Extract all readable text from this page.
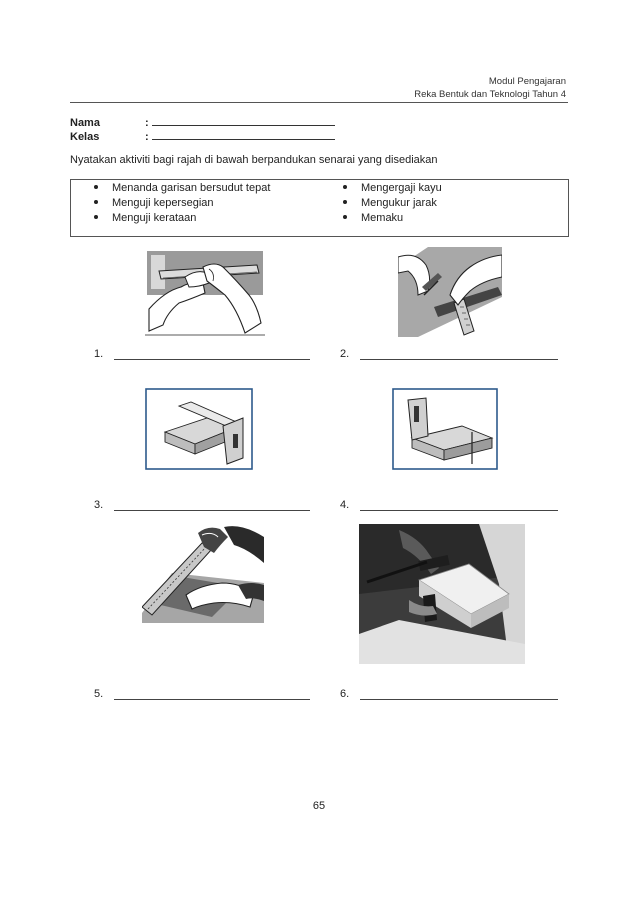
Modul Pengajaran
Reka Bentuk dan Teknologi Tahun 4
Nama	:
Kelas	:
Nyatakan aktiviti bagi rajah di bawah berpandukan senarai yang disediakan
Menanda garisan bersudut tepat
Menguji kepersegian
Menguji kerataan
Mengergaji kayu
Mengukur jarak
Memaku
1.	2.
3.	4.
5.	6.
65
